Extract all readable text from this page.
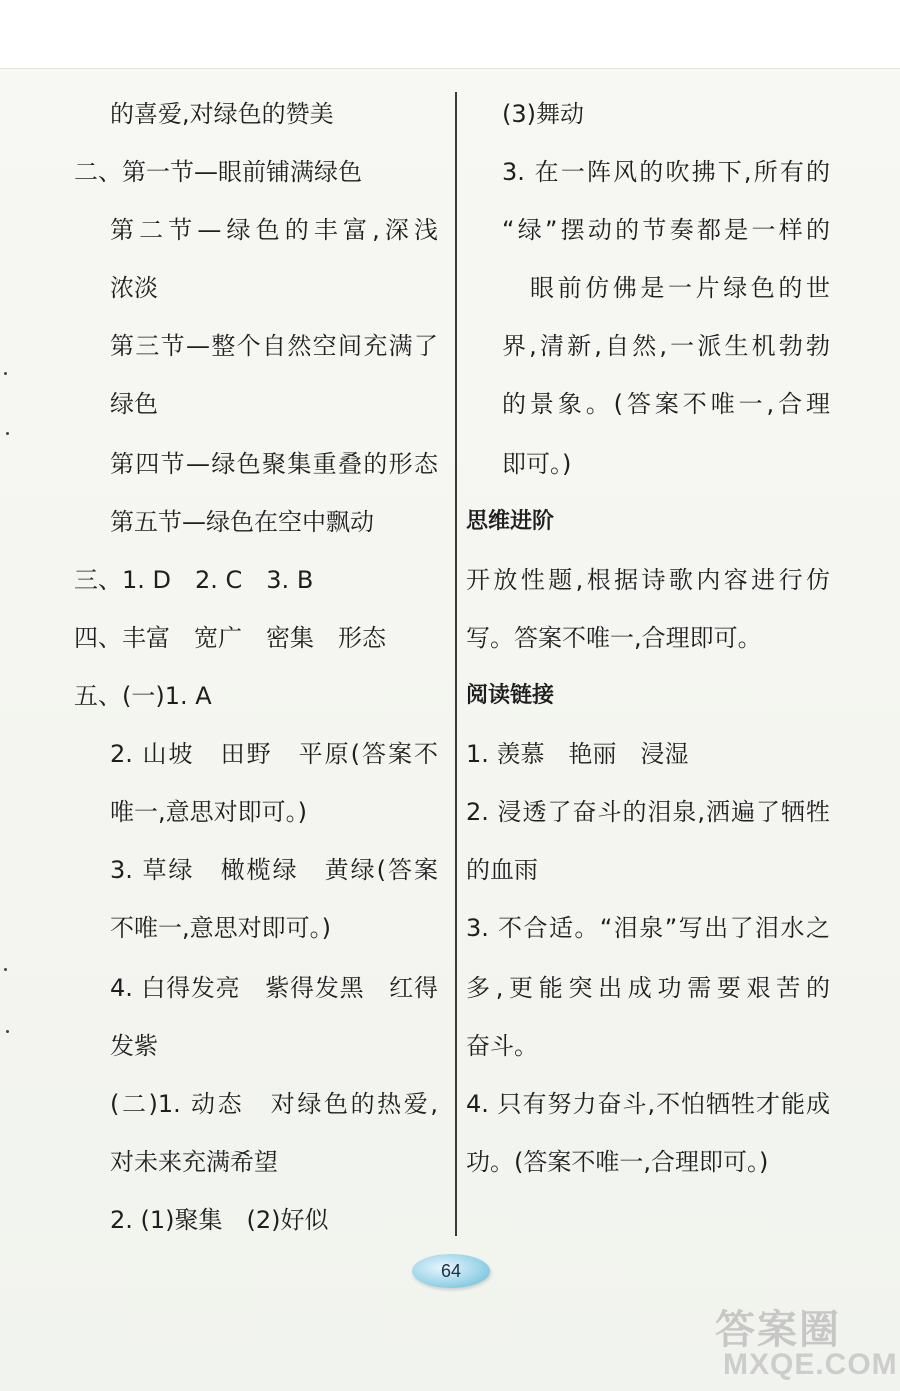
的喜爱,对绿色的赞美
二、第一节—眼前铺满绿色
第二节—绿色的丰富,深浅
浓淡
第三节—整个自然空间充满了
绿色
第四节—绿色聚集重叠的形态
第五节—绿色在空中飘动
三、1. D　2. C　3. B
四、丰富　宽广　密集　形态
五、(一)1. A
2. 山坡　田野　平原(答案不
唯一,意思对即可。)
3. 草绿　橄榄绿　黄绿(答案
不唯一,意思对即可。)
4. 白得发亮　紫得发黑　红得
发紫
(二)1. 动态　对绿色的热爱,
对未来充满希望
2. (1)聚集　(2)好似
(3)舞动
3. 在一阵风的吹拂下,所有的
“绿”摆动的节奏都是一样的
眼前仿佛是一片绿色的世
界,清新,自然,一派生机勃勃
的景象。(答案不唯一,合理
即可。)
思维进阶
开放性题,根据诗歌内容进行仿
写。答案不唯一,合理即可。
阅读链接
1. 羡慕　艳丽　浸湿
2. 浸透了奋斗的泪泉,洒遍了牺牲
的血雨
3. 不合适。“泪泉”写出了泪水之
多,更能突出成功需要艰苦的
奋斗。
4. 只有努力奋斗,不怕牺牲才能成
功。(答案不唯一,合理即可。)
64
答案圈
MXQE.COM
